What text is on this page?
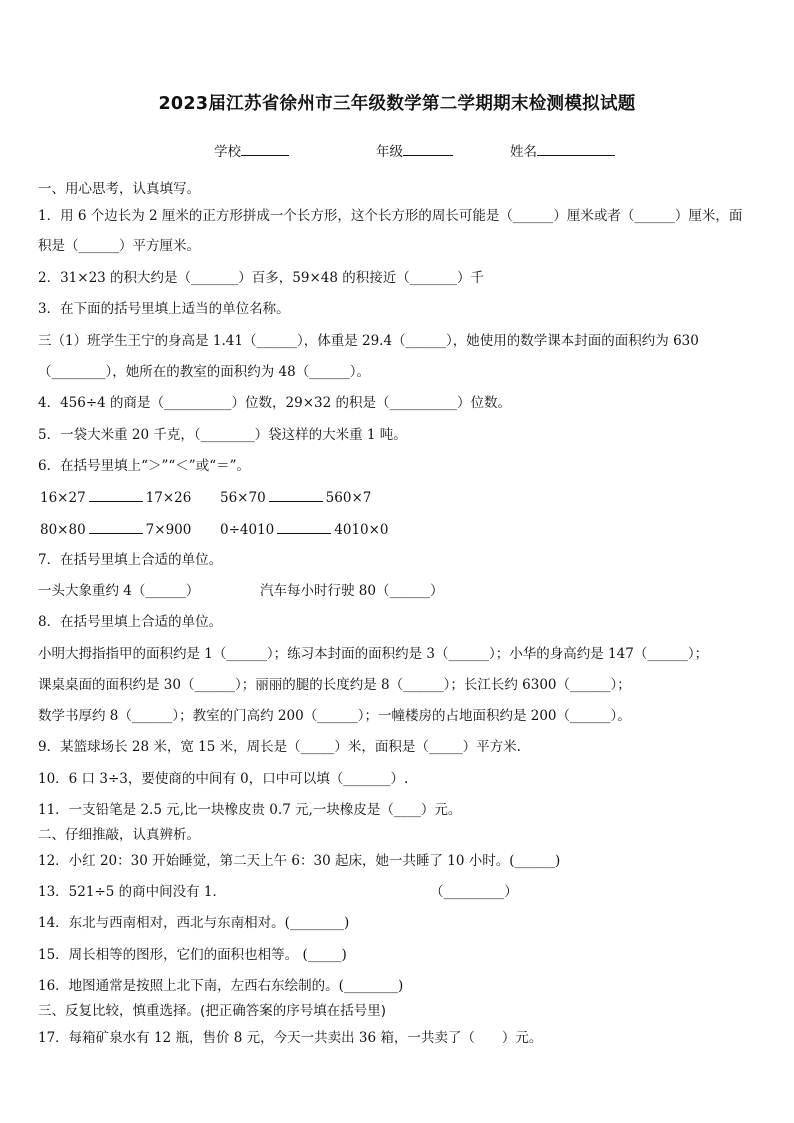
2023届江苏省徐州市三年级数学第二学期期末检测模拟试题
学校	年级	姓名
一、用心思考，认真填写。
1．用 6 个边长为 2 厘米的正方形拼成一个长方形，这个长方形的周长可能是（______）厘米或者（______）厘米，面
积是（______）平方厘米。
2．31×23 的积大约是（_______）百多，59×48 的积接近（_______）千
3．在下面的括号里填上适当的单位名称。
三（1）班学生王宁的身高是 1.41（______），体重是 29.4（______），她使用的数学课本封面的面积约为 630
（________），她所在的教室的面积约为 48（______）。
4．456÷4 的商是（__________）位数，29×32 的积是（__________）位数。
5．一袋大米重 20 千克，（________）袋这样的大米重 1 吨。
6．在括号里填上“＞”“＜”或“＝”。
16×27	17×26 56×70	560×7
80×80	7×900 0÷4010	4010×0
7．在括号里填上合适的单位。
一头大象重约 4（______）	汽车每小时行驶 80（______）
8．在括号里填上合适的单位。
小明大拇指指甲的面积约是 1（______）；练习本封面的面积约是 3（______）；小华的身高约是 147（______）；
课桌桌面的面积约是 30（______）；丽丽的腿的长度约是 8（______）；长江长约 6300（______）；
数学书厚约 8（______）；教室的门高约 200（______）；一幢楼房的占地面积约是 200（______）。
9．某篮球场长 28 米，宽 15 米，周长是（_____）米，面积是（_____）平方米.
10．6 口 3÷3，要使商的中间有 0，口中可以填（_______）.
11．一支铅笔是 2.5 元,比一块橡皮贵 0.7 元,一块橡皮是（____）元。
二、仔细推敲，认真辨析。
12．小红 20：30 开始睡觉，第二天上午 6：30 起床，她一共睡了 10 小时。(______)
13．521÷5 的商中间没有 1．	（_________）
14．东北与西南相对，西北与东南相对。(________)
15．周长相等的图形，它们的面积也相等。 (_____)
16．地图通常是按照上北下南，左西右东绘制的。(________)
三、反复比较，慎重选择。(把正确答案的序号填在括号里)
17．每箱矿泉水有 12 瓶，售价 8 元，今天一共卖出 36 箱，一共卖了（　　）元。
